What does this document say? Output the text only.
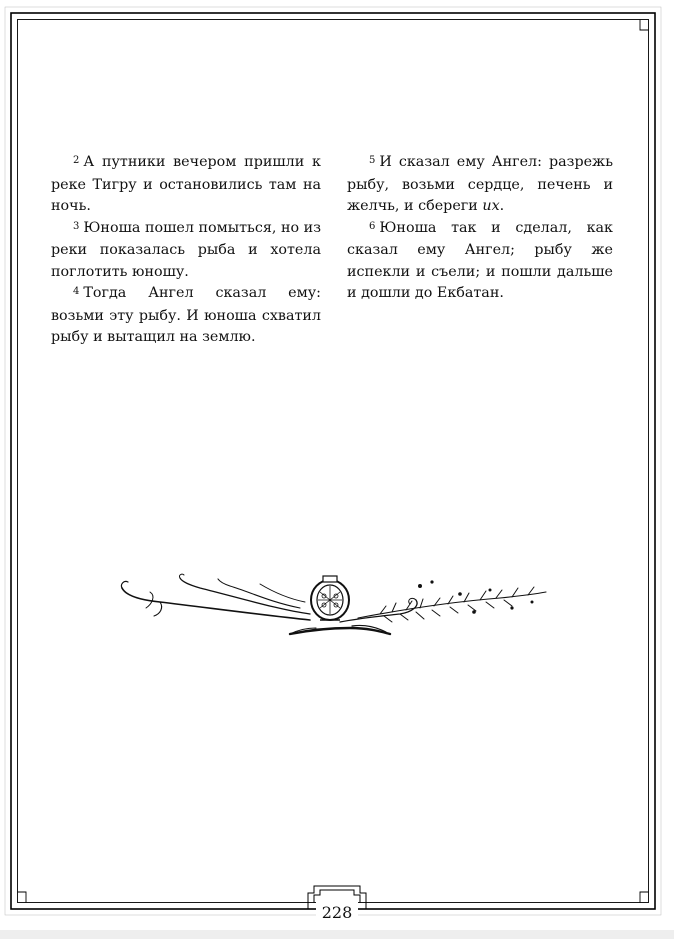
$^2$ А путники вечером пришли к реке Тигру и остановились там на ночь.

$^3$ Юноша пошел помыться, но из реки показалась рыба и хотела поглотить юношу.

$^4$ Тогда Ангел сказал ему: возьми эту рыбу. И юноша схватил рыбу и вытащил на землю.

$^5$ И сказал ему Ангел: разрежь рыбу, возьми сердце, печень и желчь, и сбереги их.

$^6$ Юноша так и сделал, как сказал ему Ангел; рыбу же испекли и съели; и пошли дальше и дошли до Екбатан.

228
